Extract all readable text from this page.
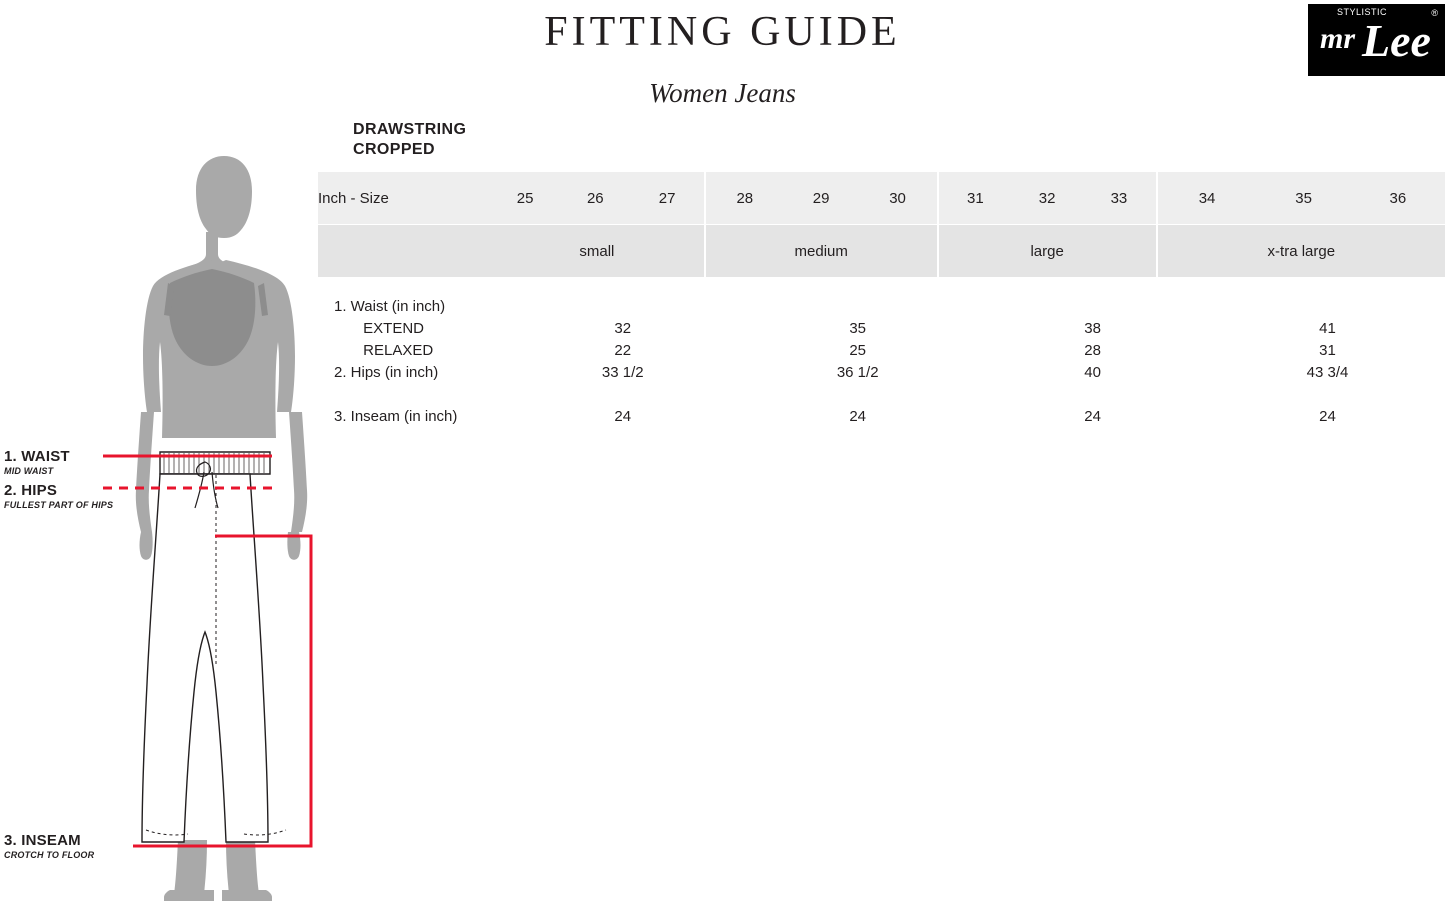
FITTING GUIDE
Women Jeans
STYLISTIC	®
mr Lee
DRAWSTRING
CROPPED
Inch - Size	25	26	27	28	29	30	31	32	33	34	35	36
	small			medium			large			x-tra large		
1. Waist (in inch)				
EXTEND	32	35	38	41
RELAXED	22	25	28	31
2. Hips (in inch)	33 1/2	36 1/2	40	43 3/4

3. Inseam (in inch)	24	24	24	24
1. WAIST
MID WAIST
2. HIPS
FULLEST PART OF HIPS
3. INSEAM
CROTCH TO FLOOR
